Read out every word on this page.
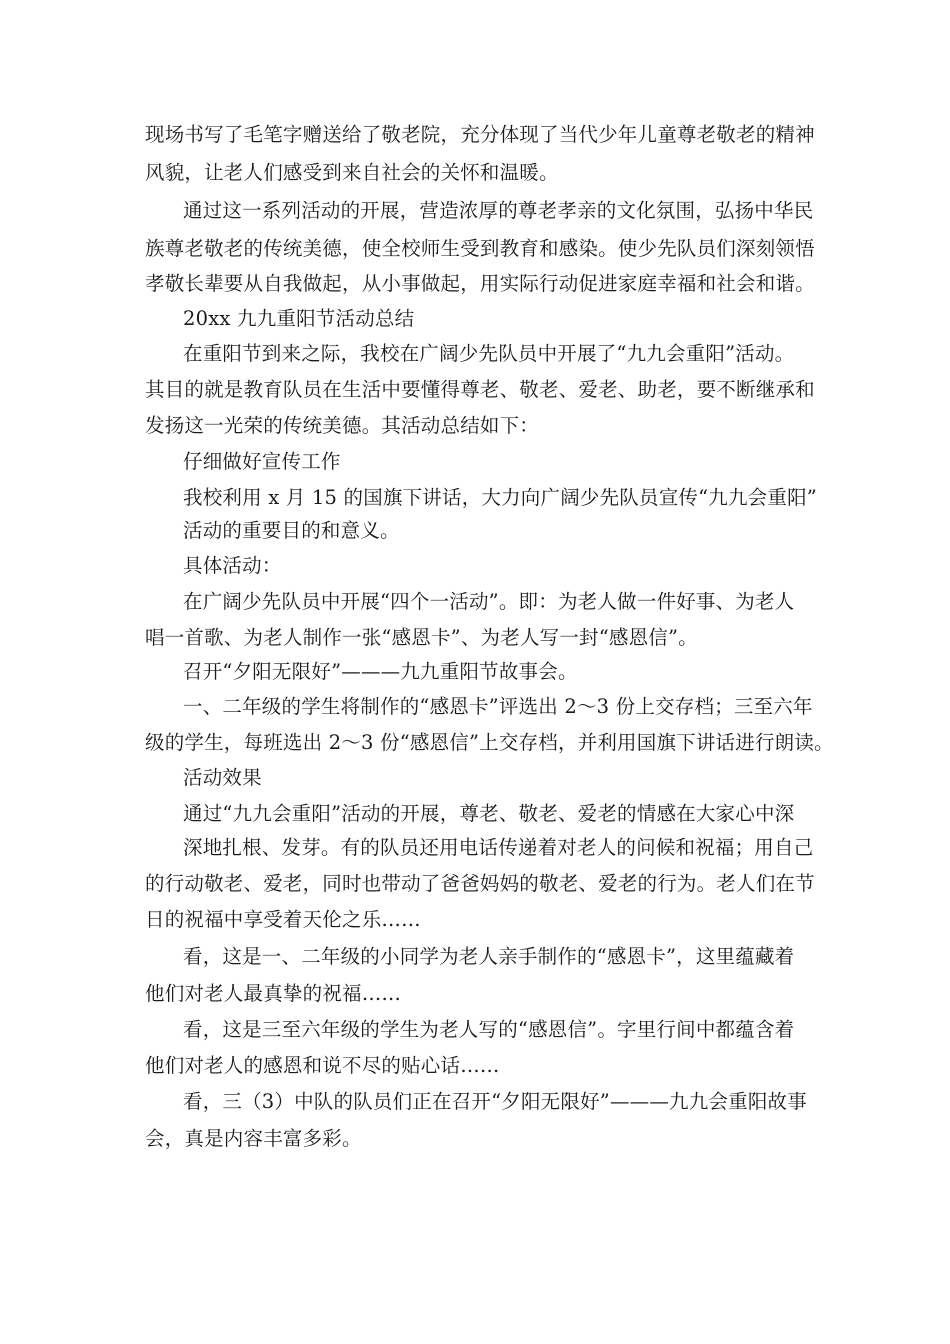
现场书写了毛笔字赠送给了敬老院，充分体现了当代少年儿童尊老敬老的精神
风貌，让老人们感受到来自社会的关怀和温暖。
通过这一系列活动的开展，营造浓厚的尊老孝亲的文化氛围，弘扬中华民
族尊老敬老的传统美德，使全校师生受到教育和感染。使少先队员们深刻领悟
孝敬长辈要从自我做起，从小事做起，用实际行动促进家庭幸福和社会和谐。
20xx 九九重阳节活动总结
在重阳节到来之际，我校在广阔少先队员中开展了“九九会重阳”活动。
其目的就是教育队员在生活中要懂得尊老、敬老、爱老、助老，要不断继承和
发扬这一光荣的传统美德。其活动总结如下：
仔细做好宣传工作
我校利用 x 月 15 的国旗下讲话，大力向广阔少先队员宣传“九九会重阳”
活动的重要目的和意义。
具体活动：
在广阔少先队员中开展“四个一活动”。即：为老人做一件好事、为老人
唱一首歌、为老人制作一张“感恩卡”、为老人写一封“感恩信”。
召开“夕阳无限好”———九九重阳节故事会。
一、二年级的学生将制作的“感恩卡”评选出 2～3 份上交存档；三至六年
级的学生，每班选出 2～3 份“感恩信”上交存档，并利用国旗下讲话进行朗读。
活动效果
通过“九九会重阳”活动的开展，尊老、敬老、爱老的情感在大家心中深
深地扎根、发芽。有的队员还用电话传递着对老人的问候和祝福；用自己
的行动敬老、爱老，同时也带动了爸爸妈妈的敬老、爱老的行为。老人们在节
日的祝福中享受着天伦之乐……
看，这是一、二年级的小同学为老人亲手制作的“感恩卡”，这里蕴藏着
他们对老人最真挚的祝福……
看，这是三至六年级的学生为老人写的“感恩信”。字里行间中都蕴含着
他们对老人的感恩和说不尽的贴心话……
看，三（3）中队的队员们正在召开“夕阳无限好”———九九会重阳故事
会，真是内容丰富多彩。
